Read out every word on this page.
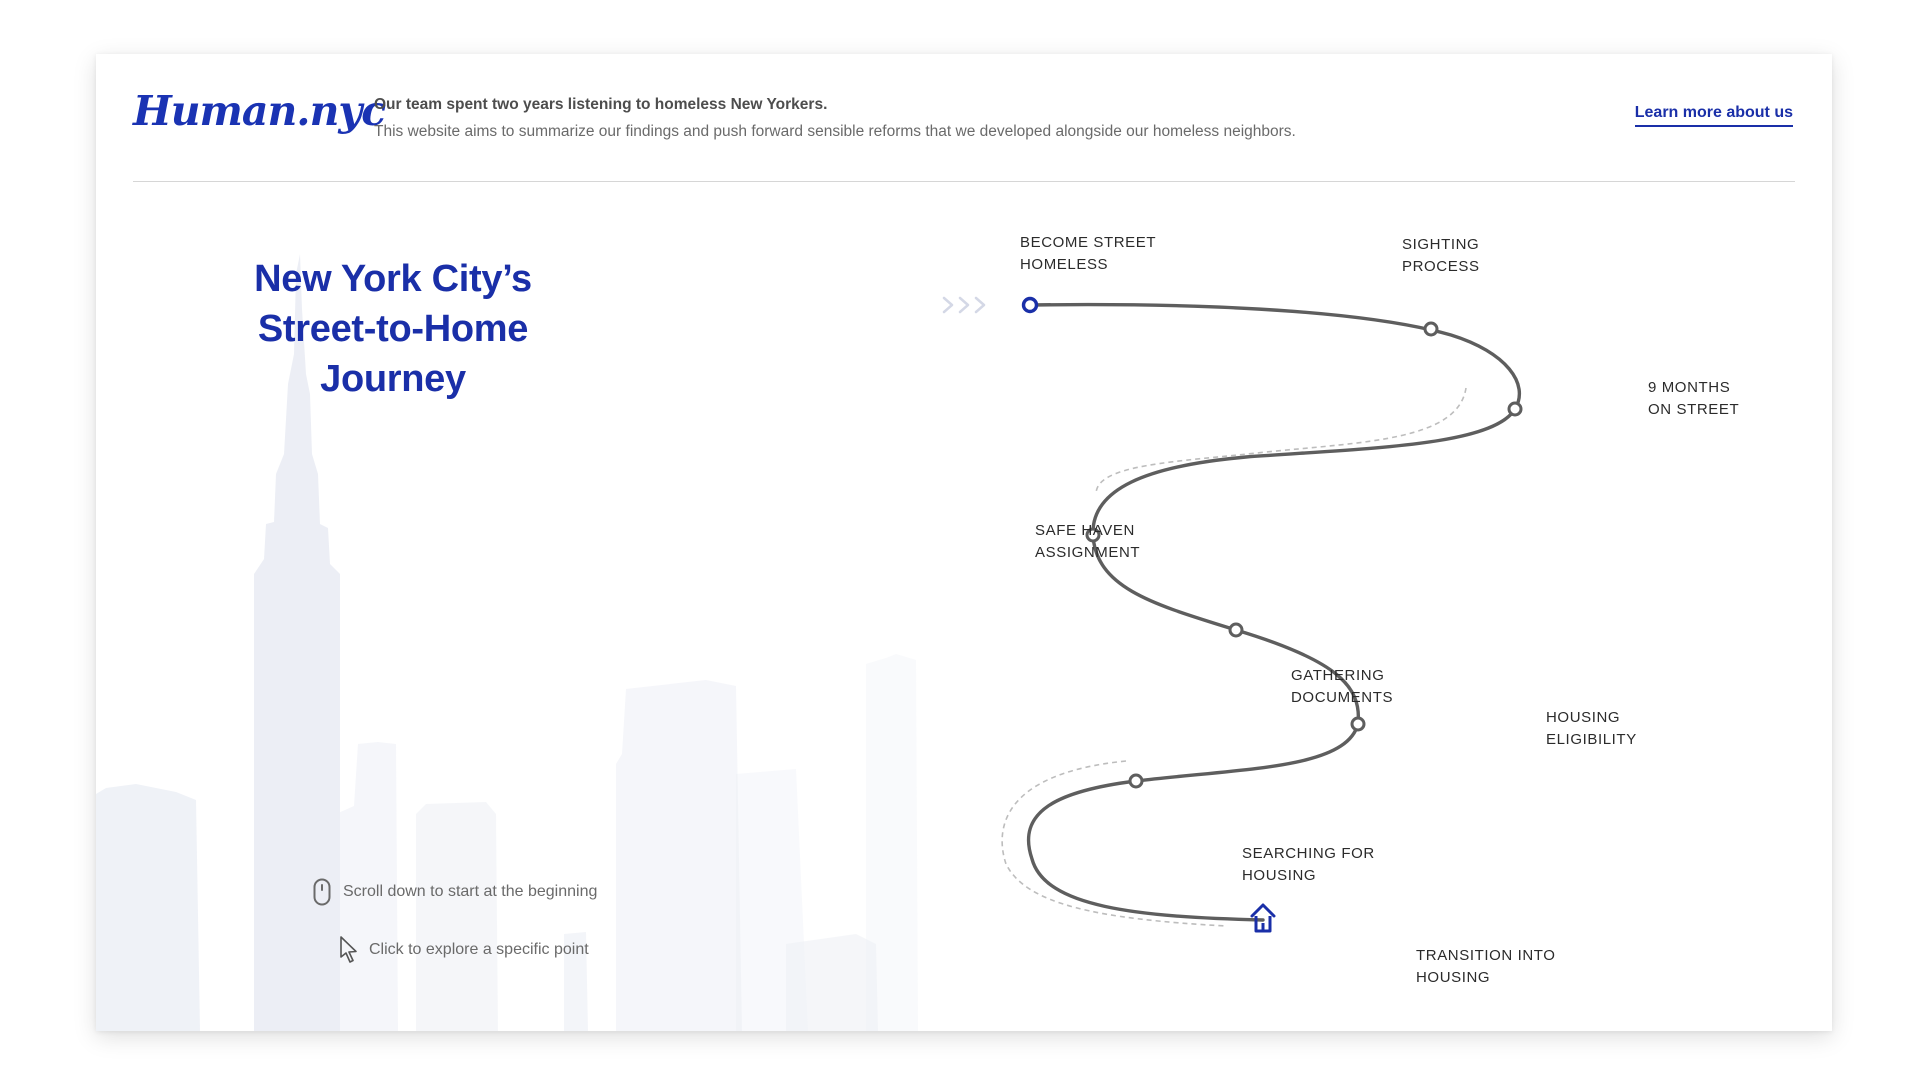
Human.nyc
Our team spent two years listening to homeless New Yorkers.
This website aims to summarize our findings and push forward sensible reforms that we developed alongside our homeless neighbors.
Learn more about us
New York City’s
Street-to-Home Journey
Scroll down to start at the beginning
Click to explore a specific point
BECOME STREET
HOMELESS
SIGHTING
PROCESS
9 MONTHS
ON STREET
SAFE HAVEN
ASSIGNMENT
GATHERING
DOCUMENTS
HOUSING
ELIGIBILITY
SEARCHING FOR
HOUSING
TRANSITION INTO
HOUSING
